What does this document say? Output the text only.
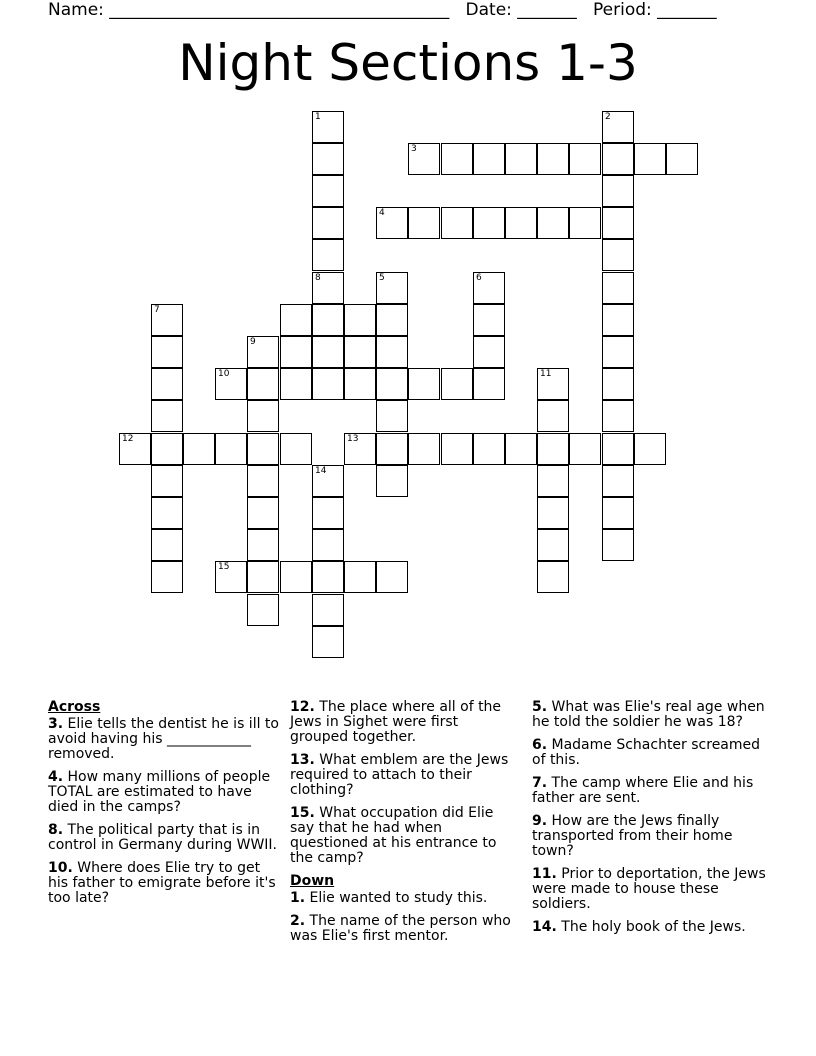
Name: ________________________________________ Date: _______ Period: _______
Night Sections 1-3
1
8
2
3
4
5	6
7
9
10	11
12	13
14
15
Across
3. Elie tells the dentist he is ill to avoid having his ____________ removed.
4. How many millions of people TOTAL are estimated to have died in the camps?
8. The political party that is in control in Germany during WWII.
10. Where does Elie try to get his father to emigrate before it's too late?
12. The place where all of the Jews in Sighet were first grouped together.
13. What emblem are the Jews required to attach to their clothing?
15. What occupation did Elie say that he had when questioned at his entrance to the camp?
Down
1. Elie wanted to study this.
2. The name of the person who was Elie's first mentor.
5. What was Elie's real age when he told the soldier he was 18?
6. Madame Schachter screamed of this.
7. The camp where Elie and his father are sent.
9. How are the Jews finally transported from their home town?
11. Prior to deportation, the Jews were made to house these soldiers.
14. The holy book of the Jews.
